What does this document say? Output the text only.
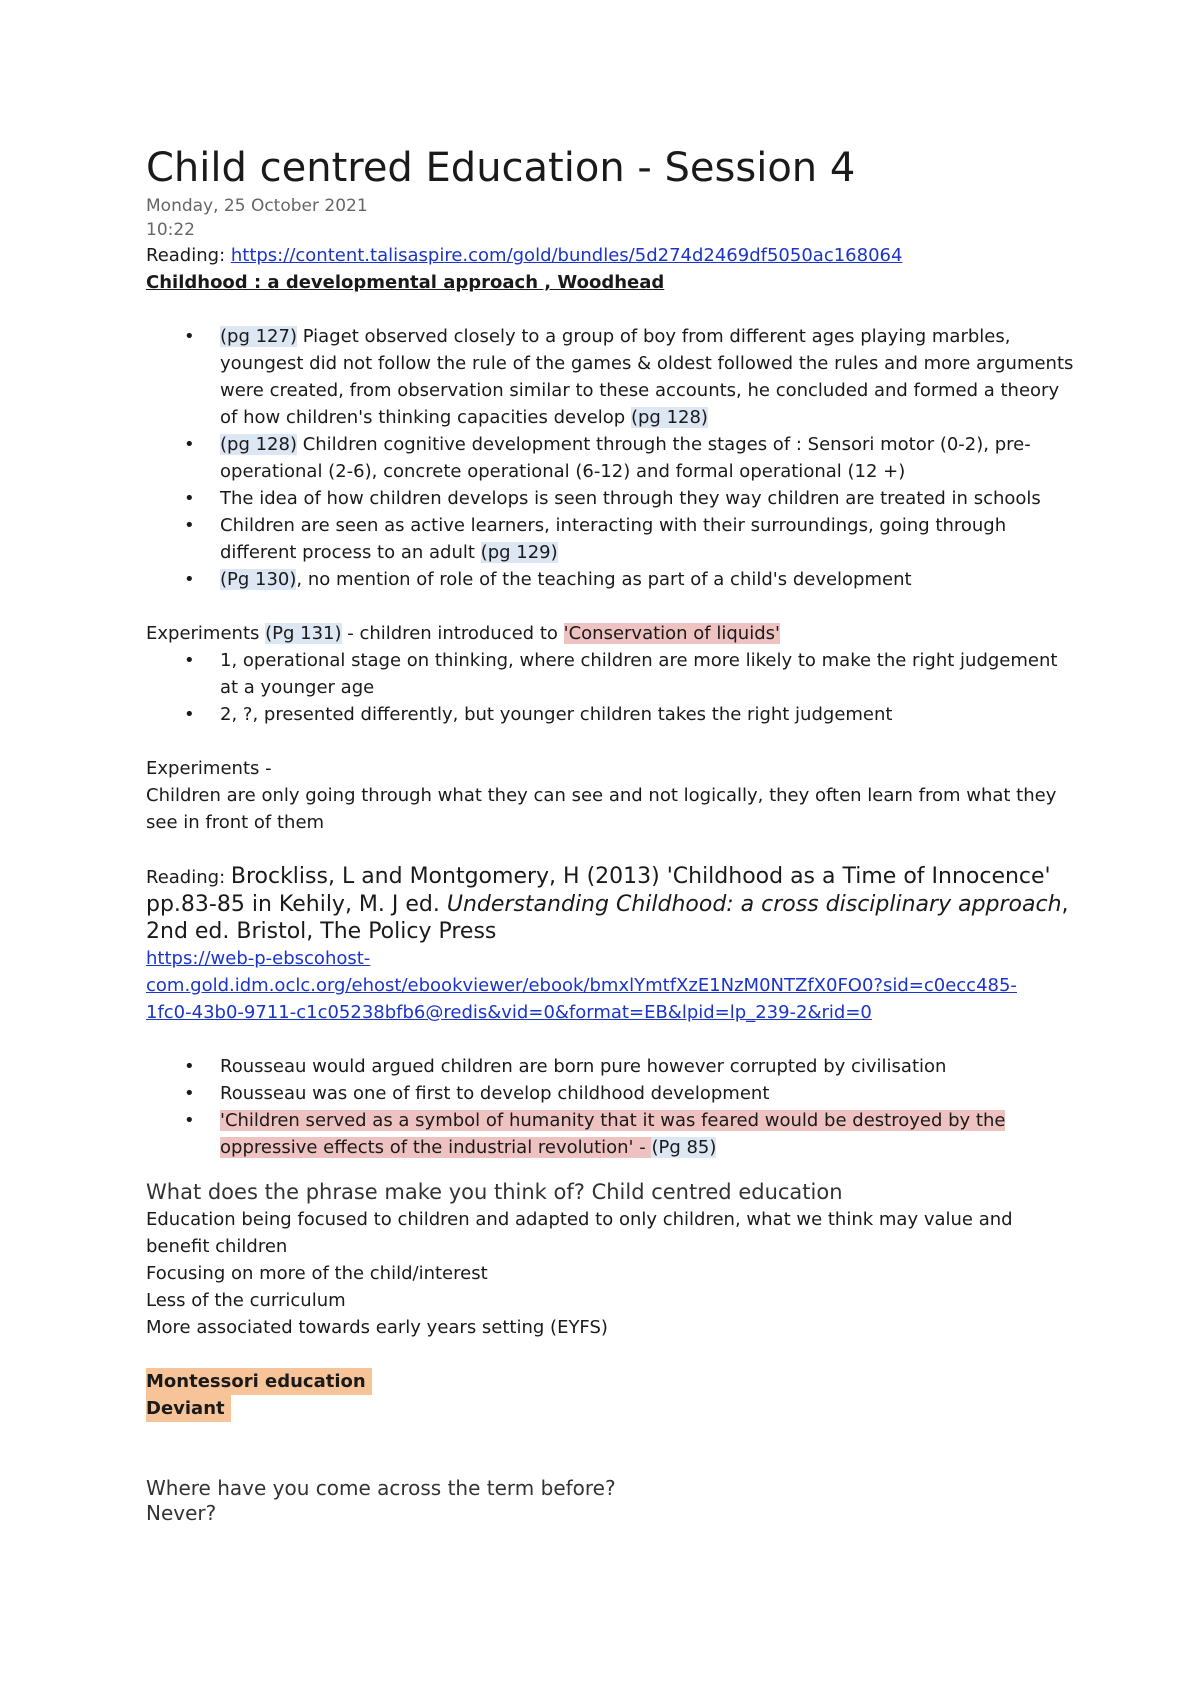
Child centred Education - Session 4
Monday, 25 October 2021
10:22
Reading: https://content.talisaspire.com/gold/bundles/5d274d2469df5050ac168064
Childhood : a developmental approach , Woodhead
• (pg 127) Piaget observed closely to a group of boy from different ages playing marbles, youngest did not follow the rule of the games & oldest followed the rules and more arguments were created, from observation similar to these accounts, he concluded and formed a theory of how children's thinking capacities develop (pg 128)
• (pg 128) Children cognitive development through the stages of : Sensori motor (0-2), pre-operational (2-6), concrete operational (6-12) and formal operational (12 +)
• The idea of how children develops is seen through they way children are treated in schools
• Children are seen as active learners, interacting with their surroundings, going through different process to an adult (pg 129)
• (Pg 130), no mention of role of the teaching as part of a child's development
Experiments (Pg 131) - children introduced to 'Conservation of liquids'
• 1, operational stage on thinking, where children are more likely to make the right judgement at a younger age
• 2, ?, presented differently, but younger children takes the right judgement
Experiments -
Children are only going through what they can see and not logically, they often learn from what they see in front of them
Reading: Brockliss, L and Montgomery, H (2013) 'Childhood as a Time of Innocence' pp.83-85 in Kehily, M. J ed. Understanding Childhood: a cross disciplinary approach, 2nd ed. Bristol, The Policy Press
https://web-p-ebscohost-
com.gold.idm.oclc.org/ehost/ebookviewer/ebook/bmxlYmtfXzE1NzM0NTZfX0FO0?sid=c0ecc485-
1fc0-43b0-9711-c1c05238bfb6@redis&vid=0&format=EB&lpid=lp_239-2&rid=0
• Rousseau would argued children are born pure however corrupted by civilisation
• Rousseau was one of first to develop childhood development
• 'Children served as a symbol of humanity that it was feared would be destroyed by the oppressive effects of the industrial revolution' - (Pg 85)
What does the phrase make you think of? Child centred education
Education being focused to children and adapted to only children, what we think may value and benefit children
Focusing on more of the child/interest
Less of the curriculum
More associated towards early years setting (EYFS)
Montessori education
Deviant
Where have you come across the term before?
Never?
